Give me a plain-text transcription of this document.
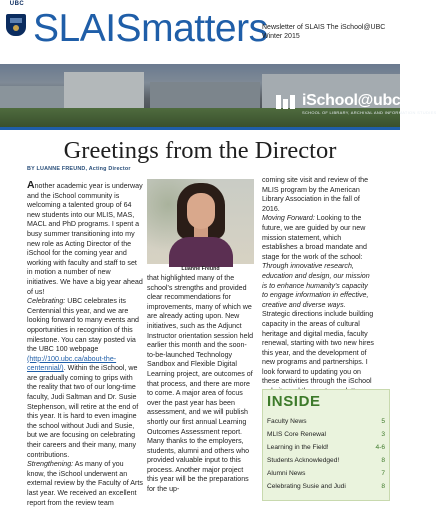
UBC
SLAISmatters
Newsletter of SLAIS The iSchool@UBC
Winter 2015
iSchool@ubc
SCHOOL OF LIBRARY, ARCHIVAL AND INFORMATION STUDIES
Greetings from the Director
BY LUANNE FREUND, Acting Director

Another academic year is underway and the iSchool community is welcoming a talented group of 64 new students into our MLIS, MAS, MACL and PhD programs. I spent a busy summer transitioning into my new role as Acting Director of the iSchool for the coming year and working with faculty and staff to set in motion a number of new initiatives. We have a big year ahead of us!

Celebrating: UBC celebrates its Centennial this year, and we are looking forward to many events and opportunities in recognition of this milestone. You can stay posted via the UBC 100 webpage (http://100.ubc.ca/about-the-centennial/). Within the iSchool, we are gradually coming to grips with the reality that two of our long-time faculty, Judi Saltman and Dr. Susie Stephenson, will retire at the end of this year. It is hard to even imagine the school without Judi and Susie, but we are focusing on celebrating their careers and their many, many contributions.

Strengthening: As many of you know, the iSchool underwent an external review by the Faculty of Arts last year. We received an excellent report from the review team

Luanne Freund

that highlighted many of the school's strengths and provided clear recommendations for improvements, many of which we are already acting upon. New initiatives, such as the Adjunct Instructor orientation session held earlier this month and the soon-to-be-launched Technology Sandbox and Flexible Digital Learning project, are outcomes of that process, and there are more to come. A major area of focus over the past year has been assessment, and we will publish shortly our first annual Learning Outcomes Assessment report. Many thanks to the employers, students, alumni and others who provided valuable input to this process. Another major project this year will be the preparations for the up-

coming site visit and review of the MLIS program by the American Library Association in the fall of 2016.

Moving Forward: Looking to the future, we are guided by our new mission statement, which establishes a broad mandate and stage for the work of the school: Through innovative research, education and design, our mission is to enhance humanity's capacity to engage information in effective, creative and diverse ways. Strategic directions include building capacity in the areas of cultural heritage and digital media, faculty renewal, starting with two new hires this year, and the development of new programs and partnerships. I look forward to updating you on these activities through the iSchool

INSIDE
Faculty News	5
MLIS Core Renewal	3
Learning in the Field!	4-6
Students Acknowledged!	8
Alumni News	7
Celebrating Susie and Judi	8
